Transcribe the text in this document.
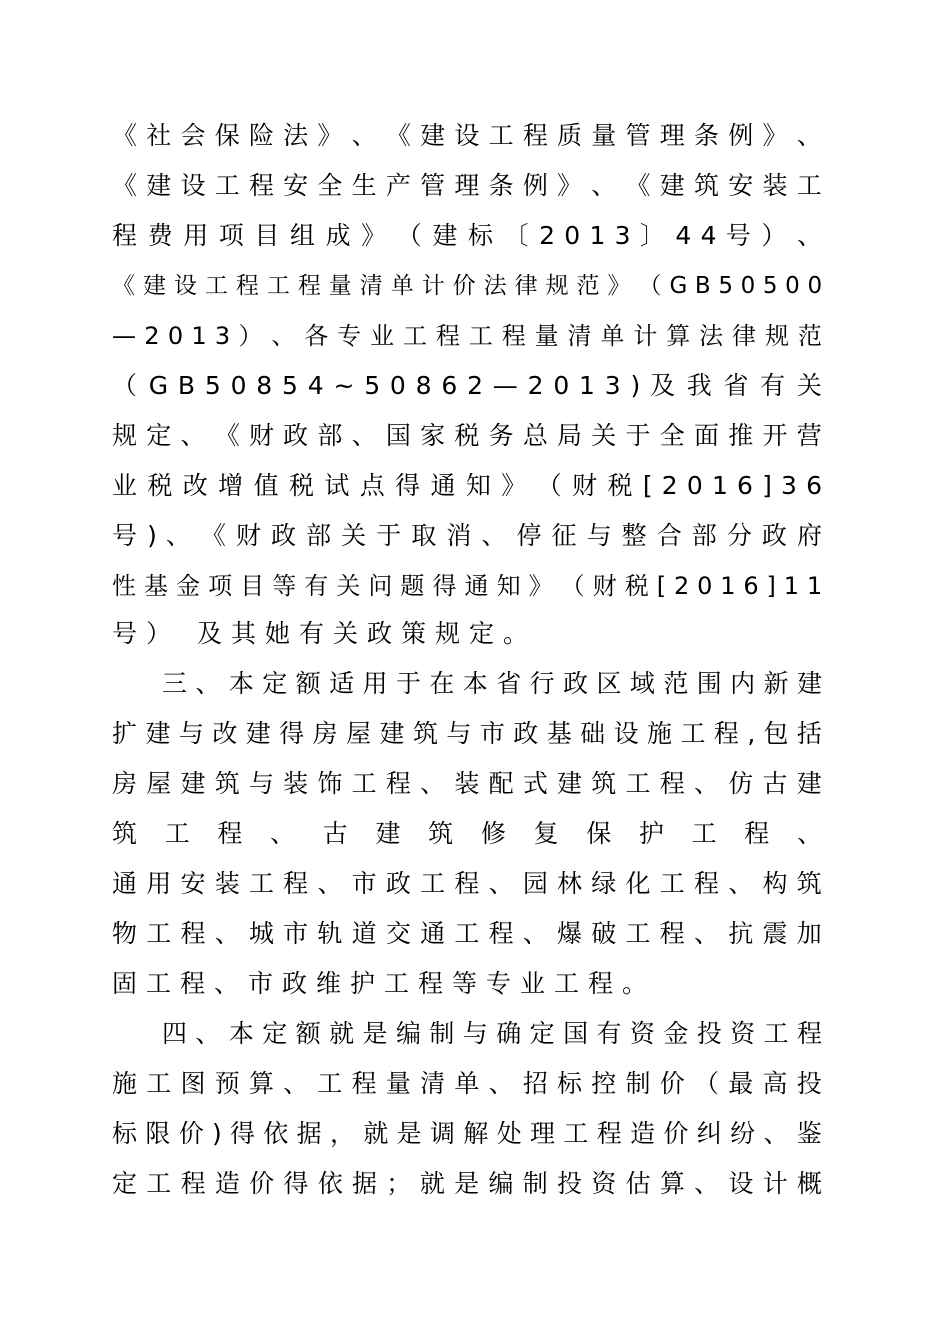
《 社 会 保 险 法 》 、 《 建 设 工 程 质 量 管 理 条 例 》 、
《 建 设 工 程 安 全 生 产 管 理 条 例 》 、 《 建 筑 安 装 工
程 费 用 项 目 组 成 》 （ 建 标 〔 2 0 1 3 〕 4 4 号 ） 、
《 建 设 工 程 工 程 量 清 单 计 价 法 律 规 范 》 （ G B 5 0 5 0 0
— 2 0 1 3 ） 、 各 专 业 工 程 工 程 量 清 单 计 算 法 律 规 范
（ G B 5 0 8 5 4 ~ 5 0 8 6 2 — 2 0 1 3 ) 及 我 省 有 关
规 定 、 《 财 政 部 、 国 家 税 务 总 局 关 于 全 面 推 开 营
业 税 改 增 值 税 试 点 得 通 知 》 （ 财 税 [ 2 0 1 6 ] 3 6
号 ) 、 《 财 政 部 关 于 取 消 、 停 征 与 整 合 部 分 政 府
性 基 金 项 目 等 有 关 问 题 得 通 知 》 （ 财 税 [ 2 0 1 6 ] 1 1
号） 及其她有关政策规定。
三 、 本 定 额 适 用 于 在 本 省 行 政 区 域 范 围 内 新 建
扩 建 与 改 建 得 房 屋 建 筑 与 市 政 基 础 设 施 工 程 , 包 括
房 屋 建 筑 与 装 饰 工 程 、 装 配 式 建 筑 工 程 、 仿 古 建
筑 工 程 、 古 建 筑 修 复 保 护 工 程 、
通 用 安 装 工 程 、 市 政 工 程 、 园 林 绿 化 工 程 、 构 筑
物 工 程 、 城 市 轨 道 交 通 工 程 、 爆 破 工 程 、 抗 震 加
固工程、市政维护工程等专业工程。
四 、 本 定 额 就 是 编 制 与 确 定 国 有 资 金 投 资 工 程
施 工 图 预 算 、 工 程 量 清 单 、 招 标 控 制 价 （ 最 高 投
标 限 价 ) 得 依 据 ， 就 是 调 解 处 理 工 程 造 价 纠 纷 、 鉴
定 工 程 造 价 得 依 据 ； 就 是 编 制 投 资 估 算 、 设 计 概
